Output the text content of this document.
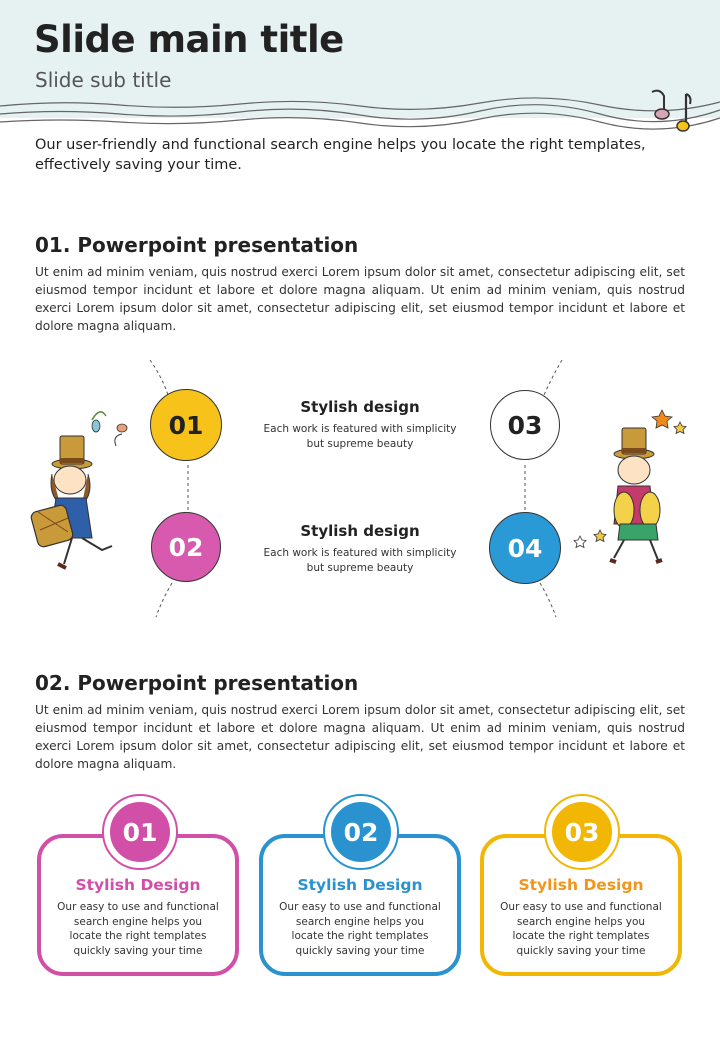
Slide main title
Slide sub title
Our user-friendly and functional search engine helps you locate the right templates, effectively saving your time.
01. Powerpoint presentation
Ut enim ad minim veniam, quis nostrud exerci Lorem ipsum dolor sit amet, consectetur adipiscing elit, set eiusmod tempor incidunt et labore et dolore magna aliquam. Ut enim ad minim veniam, quis nostrud exerci Lorem ipsum dolor sit amet, consectetur adipiscing elit, set eiusmod tempor incidunt et labore et dolore magna aliquam.
01
02
03
04
Stylish design
Each work is featured with simplicity but supreme beauty
Stylish design
Each work is featured with simplicity but supreme beauty
02. Powerpoint presentation
Ut enim ad minim veniam, quis nostrud exerci Lorem ipsum dolor sit amet, consectetur adipiscing elit, set eiusmod tempor incidunt et labore et dolore magna aliquam. Ut enim ad minim veniam, quis nostrud exerci Lorem ipsum dolor sit amet, consectetur adipiscing elit, set eiusmod tempor incidunt et labore et dolore magna aliquam.
01
Stylish Design
Our easy to use and functional search engine helps you locate the right templates quickly saving your time
02
Stylish Design
Our easy to use and functional search engine helps you locate the right templates quickly saving your time
03
Stylish Design
Our easy to use and functional search engine helps you locate the right templates quickly saving your time
